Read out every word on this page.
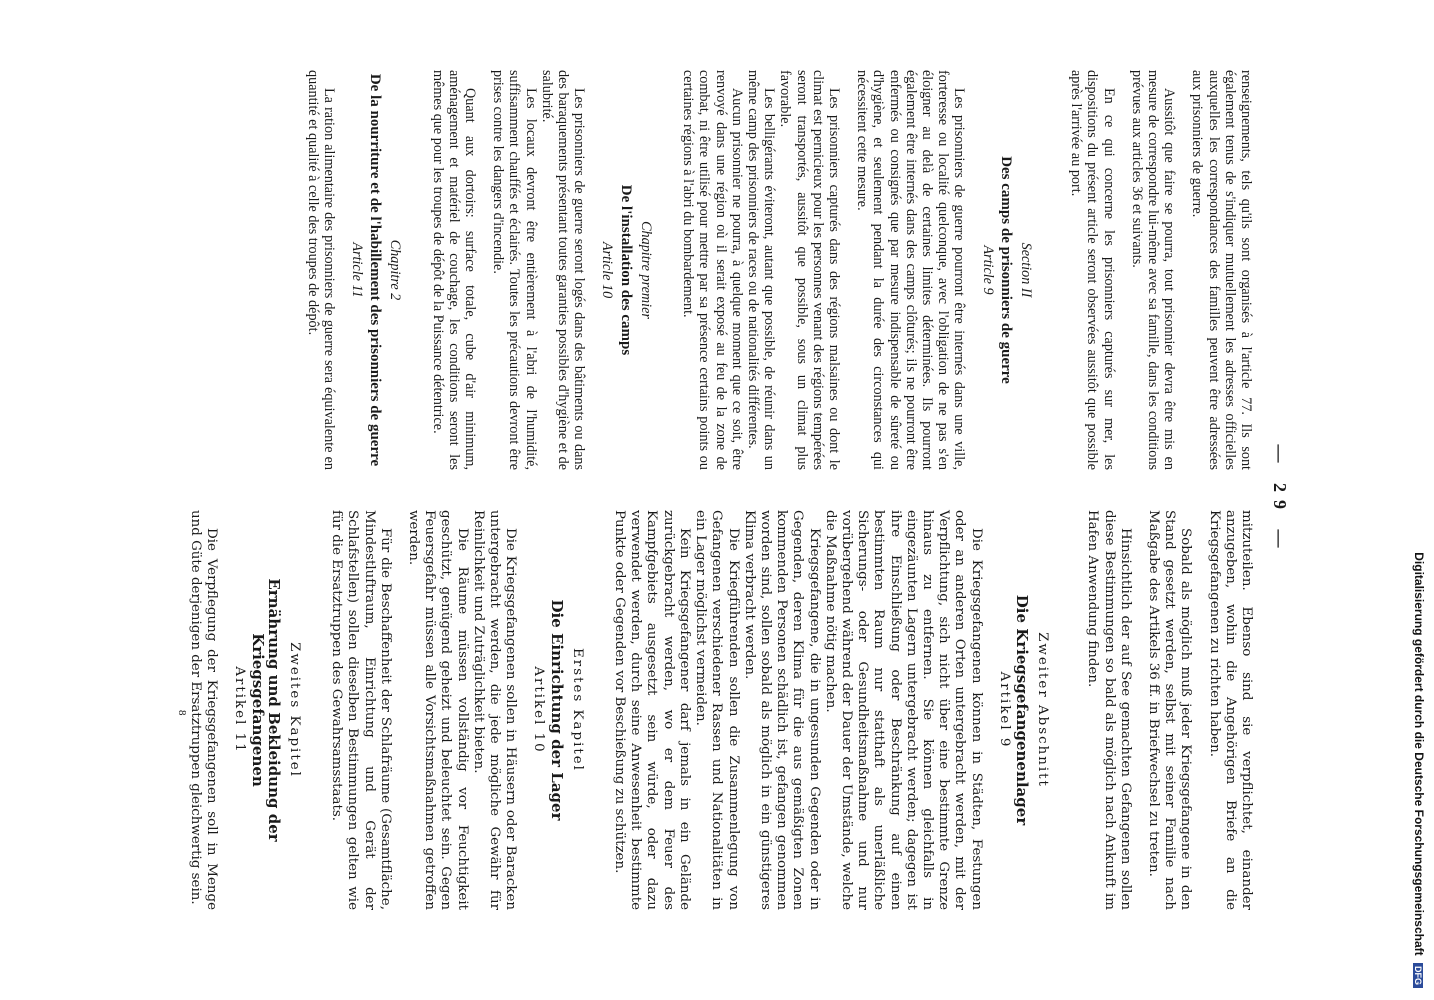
— 29 —

renseignements, tels qu'ils sont organisés à l'article 77. Ils sont également tenus de s'indiquer mutuellement les adresses officielles auxquelles les correspondances des familles peuvent être adressées aux prisonniers de guerre.

Aussitôt que faire se pourra, tout prisonnier devra être mis en mesure de correspondre lui-même avec sa famille, dans les conditions prévues aux articles 36 et suivants.

En ce qui concerne les prisonniers capturés sur mer, les dispositions du présent article seront observées aussitôt que possible après l'arrivée au port.

Section II
Des camps de prisonniers de guerre
Article 9

Les prisonniers de guerre pourront être internés dans une ville, forteresse ou localité quelconque, avec l'obligation de ne pas s'en éloigner au delà de certaines limites déterminées. Ils pourront également être internés dans des camps clôturés; ils ne pourront être enfermés ou consignés que par mesure indispensable de sûreté ou d'hygiène, et seulement pendant la durée des circonstances qui nécessitent cette mesure.

Les prisonniers capturés dans des régions malsaines ou dont le climat est pernicieux pour les personnes venant des régions tempérées seront transportés, aussitôt que possible, sous un climat plus favorable.

Les belligérants éviteront, autant que possible, de réunir dans un même camp des prisonniers de races ou de nationalités différentes.

Aucun prisonnier ne pourra, à quelque moment que ce soit, être renvoyé dans une région où il serait exposé au feu de la zone de combat, ni être utilisé pour mettre par sa présence certains points ou certaines régions à l'abri du bombardement.

Chapitre premier
De l'installation des camps
Article 10

Les prisonniers de guerre seront logés dans des bâtiments ou dans des baraquements présentant toutes garanties possibles d'hygiène et de salubrité.

Les locaux devront être entièrement à l'abri de l'humidité, suffisamment chauffés et éclairés. Toutes les précautions devront être prises contre les dangers d'incendie.

Quant aux dortoirs: surface totale, cube d'air minimum, aménagement et matériel de couchage, les conditions seront les mêmes que pour les troupes de dépôt de la Puissance détentrice.

Chapitre 2
De la nourriture et de l'habillement des prisonniers de guerre
Article 11

La ration alimentaire des prisonniers de guerre sera équivalente en quantité et qualité à celle des troupes de dépôt.

mitzuteilen. Ebenso sind sie verpflichtet, einander anzugeben, wohin die Angehörigen Briefe an die Kriegsgefangenen zu richten haben.

Sobald als möglich muß jeder Kriegsgefangene in den Stand gesetzt werden, selbst mit seiner Familie nach Maßgabe des Artikels 36 ff. in Briefwechsel zu treten.

Hinsichtlich der auf See gemachten Gefangenen sollen diese Bestimmungen so bald als möglich nach Ankunft im Hafen Anwendung finden.

Zweiter Abschnitt
Die Kriegsgefangenenlager
Artikel 9

Die Kriegsgefangenen können in Städten, Festungen oder an anderen Orten untergebracht werden, mit der Verpflichtung, sich nicht über eine bestimmte Grenze hinaus zu entfernen. Sie können gleichfalls in eingezäunten Lagern untergebracht werden; dagegen ist ihre Einschließung oder Beschränkung auf einen bestimmten Raum nur statthaft als unerläßliche Sicherungs- oder Gesundheitsmaßnahme und nur vorübergehend während der Dauer der Umstände, welche die Maßnahme nötig machen.

Kriegsgefangene, die in ungesunden Gegenden oder in Gegenden, deren Klima für die aus gemäßigten Zonen kommenden Personen schädlich ist, gefangen genommen worden sind, sollen sobald als möglich in ein günstigeres Klima verbracht werden.

Die Kriegführenden sollen die Zusammenlegung von Gefangenen verschiedener Rassen und Nationalitäten in ein Lager möglichst vermeiden.

Kein Kriegsgefangener darf jemals in ein Gelände zurückgebracht werden, wo er dem Feuer des Kampfgebiets ausgesetzt sein würde, oder dazu verwendet werden, durch seine Anwesenheit bestimmte Punkte oder Gegenden vor Beschießung zu schützen.

Erstes Kapitel
Die Einrichtung der Lager
Artikel 10

Die Kriegsgefangenen sollen in Häusern oder Baracken untergebracht werden, die jede mögliche Gewähr für Reinlichkeit und Zuträglichkeit bieten.

Die Räume müssen vollständig vor Feuchtigkeit geschützt, genügend geheizt und beleuchtet sein. Gegen Feuersgefahr müssen alle Vorsichtsmaßnahmen getroffen werden.

Für die Beschaffenheit der Schlafräume (Gesamtfläche, Mindestluftraum, Einrichtung und Gerät der Schlafstellen) sollen dieselben Bestimmungen gelten wie für die Ersatztruppen des Gewahrsamsstaats.

Zweites Kapitel
Ernährung und Bekleidung der Kriegsgefangenen
Artikel 11

Die Verpflegung der Kriegsgefangenen soll in Menge und Güte derjenigen der Ersatztruppen gleichwertig sein.

8	Digitalisierung gefördert durch die Deutsche Forschungsgemeinschaft DFG
